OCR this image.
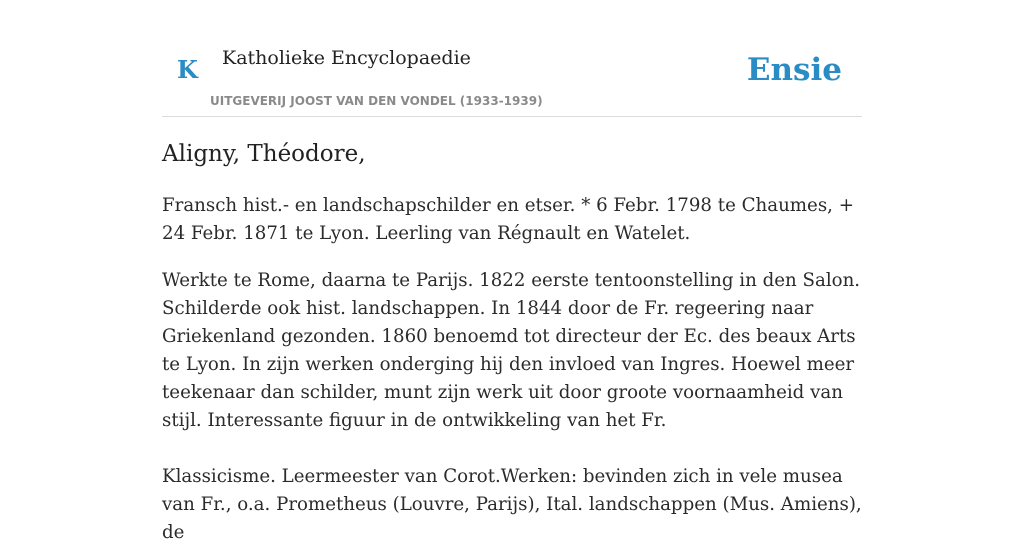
K Katholieke Encyclopaedie
UITGEVERIJ JOOST VAN DEN VONDEL (1933-1939)
Ensie
Aligny, Théodore,

Fransch hist.- en landschapschilder en etser. * 6 Febr. 1798 te Chaumes, + 24 Febr. 1871 te Lyon. Leerling van Régnault en Watelet.

Werkte te Rome, daarna te Parijs. 1822 eerste tentoonstelling in den Salon. Schilderde ook hist. landschappen. In 1844 door de Fr. regeering naar Griekenland gezonden. 1860 benoemd tot directeur der Ec. des beaux Arts te Lyon. In zijn werken onderging hij den invloed van Ingres. Hoewel meer teekenaar dan schilder, munt zijn werk uit door groote voornaamheid van stijl. Interessante figuur in de ontwikkeling van het Fr.

Klassicisme. Leermeester van Corot.Werken: bevinden zich in vele musea van Fr., o.a. Prometheus (Louvre, Parijs), Ital. landschappen (Mus. Amiens), de
